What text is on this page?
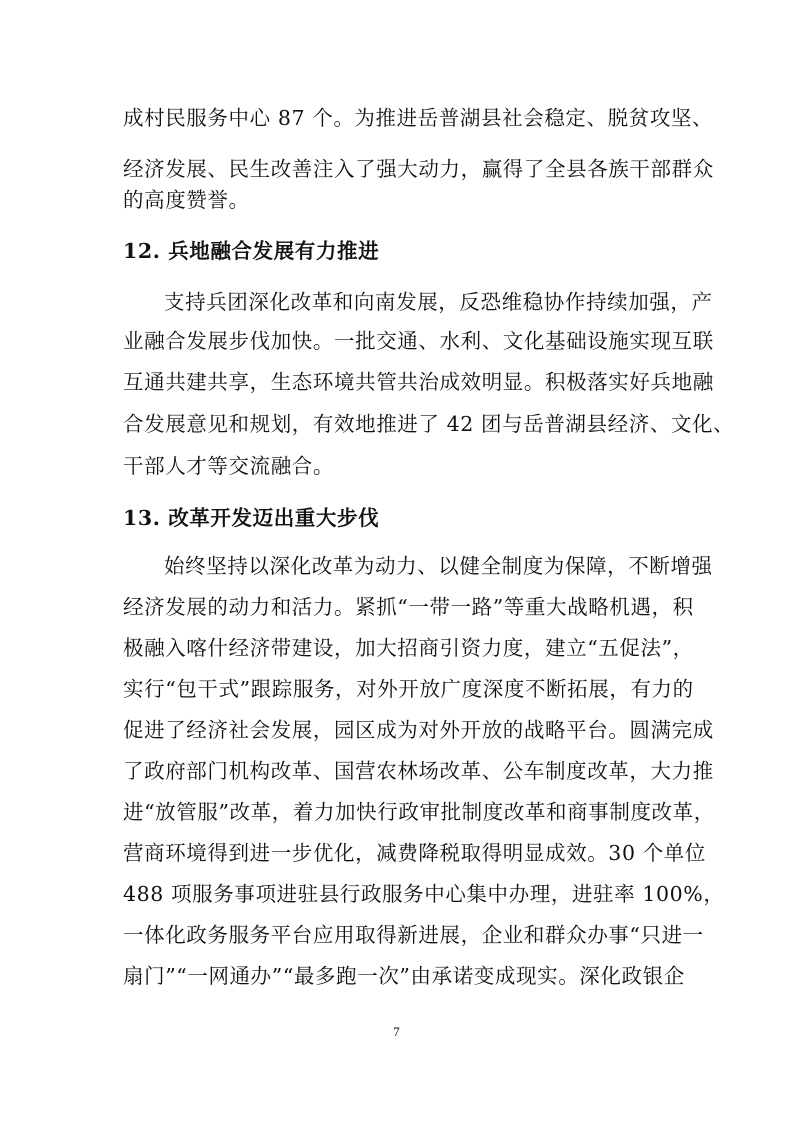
成村民服务中心 87 个。为推进岳普湖县社会稳定、脱贫攻坚、
经济发展、民生改善注入了强大动力，赢得了全县各族干部群众
的高度赞誉。
12. 兵地融合发展有力推进
支持兵团深化改革和向南发展，反恐维稳协作持续加强，产
业融合发展步伐加快。一批交通、水利、文化基础设施实现互联
互通共建共享，生态环境共管共治成效明显。积极落实好兵地融
合发展意见和规划，有效地推进了 42 团与岳普湖县经济、文化、
干部人才等交流融合。
13. 改革开发迈出重大步伐
始终坚持以深化改革为动力、以健全制度为保障，不断增强
经济发展的动力和活力。紧抓“一带一路”等重大战略机遇，积
极融入喀什经济带建设，加大招商引资力度，建立“五促法”，
实行“包干式”跟踪服务，对外开放广度深度不断拓展，有力的
促进了经济社会发展，园区成为对外开放的战略平台。圆满完成
了政府部门机构改革、国营农林场改革、公车制度改革，大力推
进“放管服”改革，着力加快行政审批制度改革和商事制度改革，
营商环境得到进一步优化，减费降税取得明显成效。30 个单位
488 项服务事项进驻县行政服务中心集中办理，进驻率 100%，
一体化政务服务平台应用取得新进展，企业和群众办事“只进一
扇门”“一网通办”“最多跑一次”由承诺变成现实。深化政银企
7
